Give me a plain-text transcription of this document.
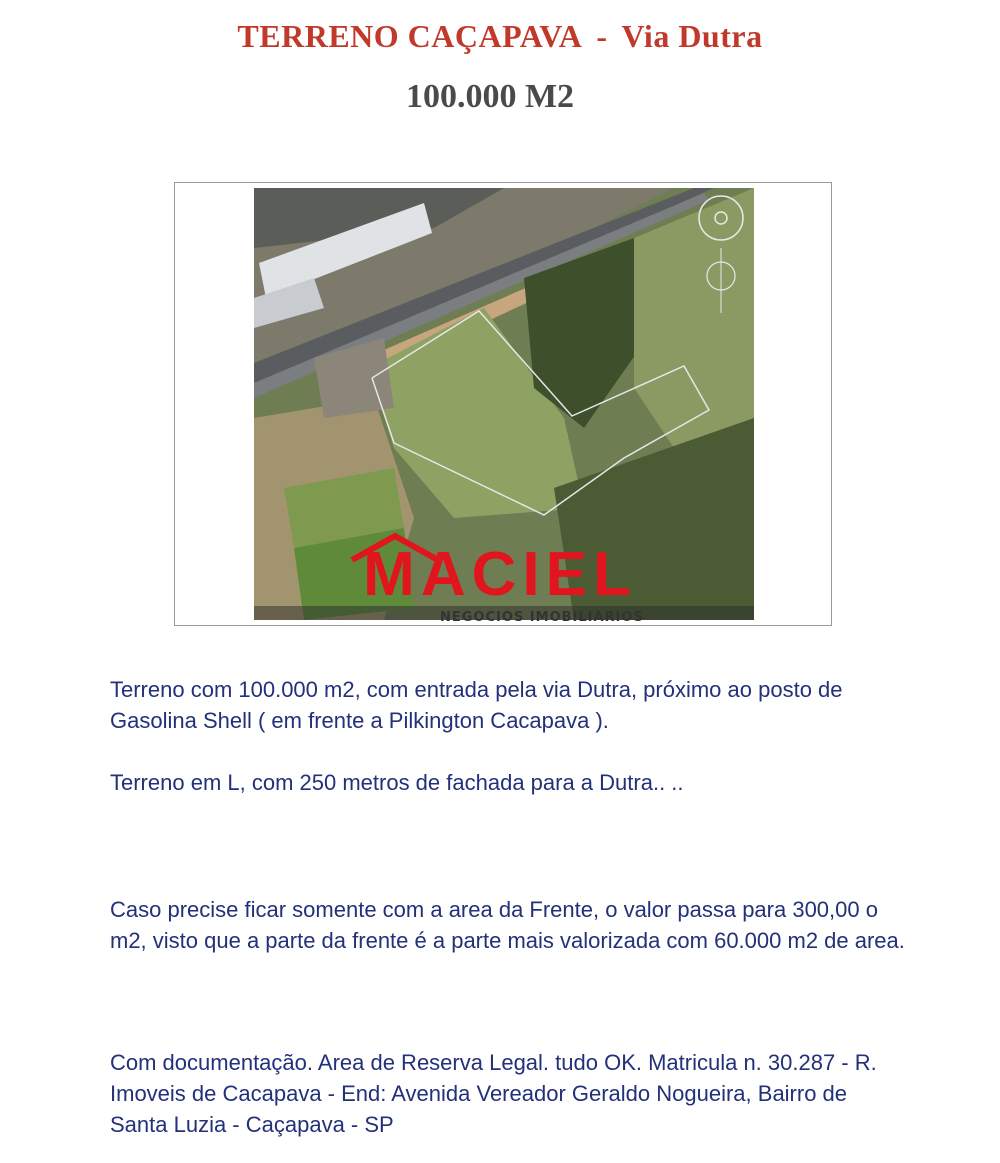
TERRENO CAÇAPAVA - Via Dutra
100.000 M2
MACIEL
NEGOCIOS IMOBILIARIOS
Terreno com 100.000 m2, com entrada pela via Dutra, próximo ao posto de Gasolina Shell ( em frente a Pilkington Cacapava ).
Terreno em L, com 250 metros de fachada para a Dutra.. ..
Caso precise ficar somente com a area da Frente, o valor passa para 300,00 o m2, visto que a parte da frente é a parte mais valorizada com 60.000 m2 de area.
Com documentação. Area de Reserva Legal. tudo OK. Matricula n. 30.287 - R. Imoveis de Cacapava - End: Avenida Vereador Geraldo Nogueira, Bairro de Santa Luzia - Caçapava - SP
